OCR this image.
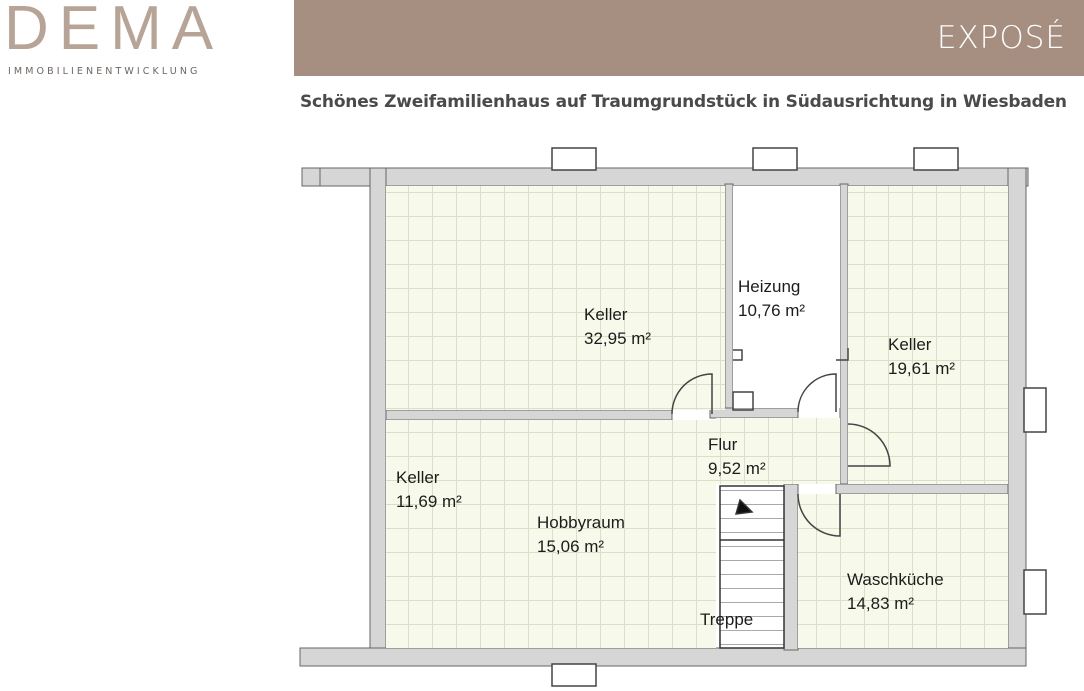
DEMA
IMMOBILIENENTWICKLUNG
EXPOSÉ
Schönes Zweifamilienhaus auf Traumgrundstück in Südausrichtung in Wiesbaden
Keller
32,95 m²
Heizung
10,76 m²
Keller
19,61 m²
Flur
9,52 m²
Keller
11,69 m²
Hobbyraum
15,06 m²
Waschküche
14,83 m²
Treppe
